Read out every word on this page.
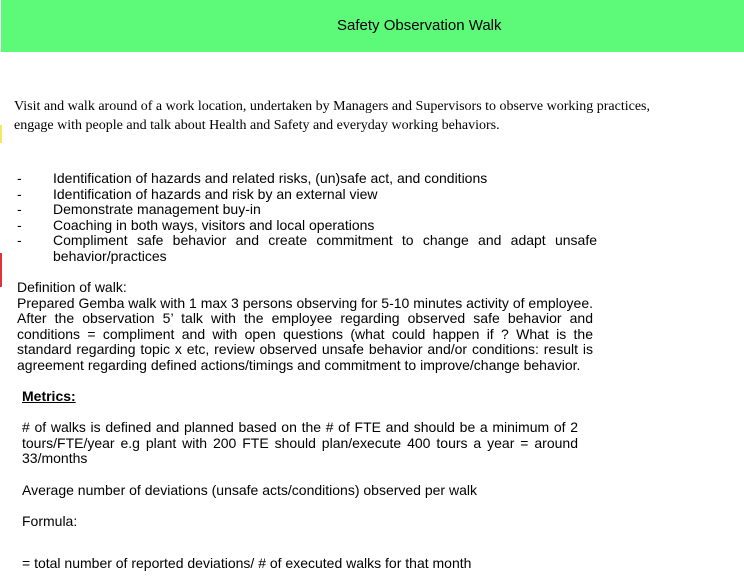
Safety Observation Walk

Visit and walk around of a work location, undertaken by Managers and Supervisors to observe working practices,

engage with people and talk about Health and Safety and everyday working behaviors.

- Identification of hazards and related risks, (un)safe act, and conditions
- Identification of hazards and risk by an external view
- Demonstrate management buy-in
- Coaching in both ways, visitors and local operations
- Compliment safe behavior and create commitment to change and adapt unsafe behavior/practices

Definition of walk:

Prepared Gemba walk with 1 max 3 persons observing for 5-10 minutes activity of employee. After the observation 5’ talk with the employee regarding observed safe behavior and conditions = compliment and with open questions (what could happen if ? What is the standard regarding topic x etc, review observed unsafe behavior and/or conditions: result is agreement regarding defined actions/timings and commitment to improve/change behavior.

Metrics:
# of walks is defined and planned based on the # of FTE and should be a minimum of 2 tours/FTE/year e.g plant with 200 FTE should plan/execute 400 tours a year = around 33/months
Average number of deviations (unsafe acts/conditions) observed per walk
Formula:
= total number of reported deviations/ # of executed walks for that month
